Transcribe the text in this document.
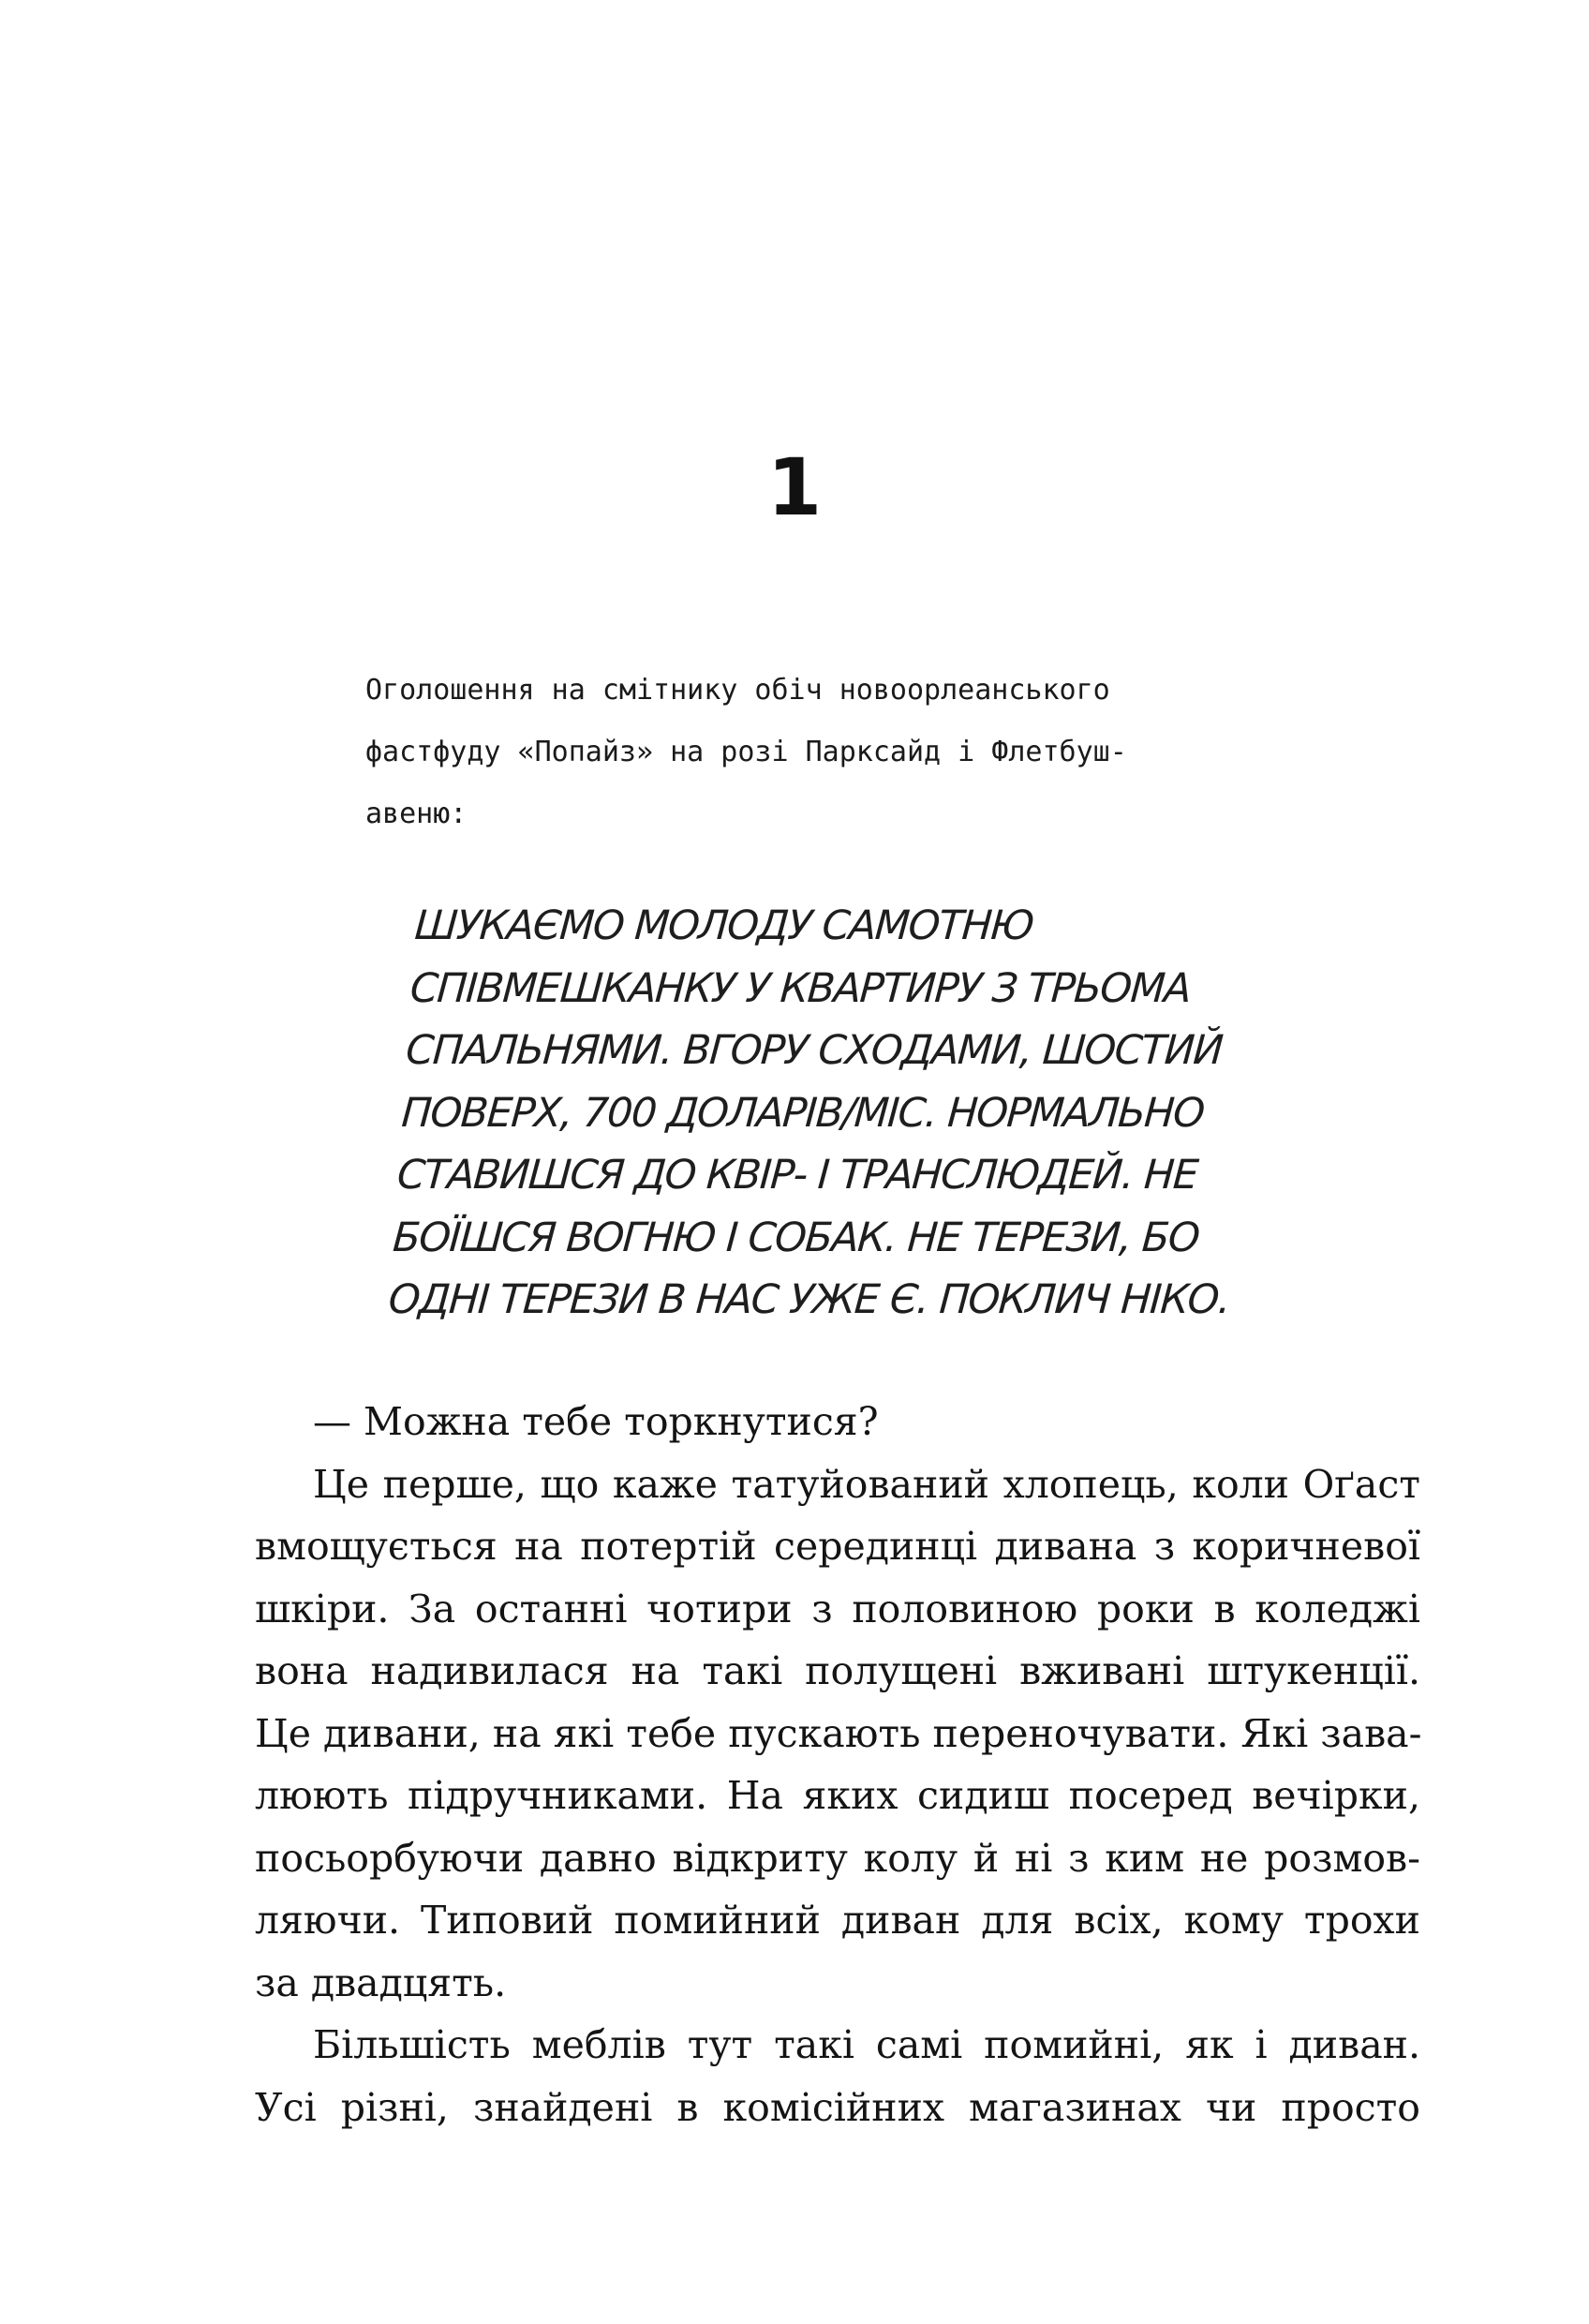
1
Оголошення на смітнику обіч новоорлеанського
фастфуду «Попайз» на розі Парксайд і Флетбуш-
авеню:
ШУКАЄМО МОЛОДУ САМОТНЮ
СПІВМЕШКАНКУ У КВАРТИРУ З ТРЬОМА
СПАЛЬНЯМИ. ВГОРУ СХОДАМИ, ШОСТИЙ
ПОВЕРХ, 700 ДОЛАРІВ/МІС. НОРМАЛЬНО
СТАВИШСЯ ДО КВІР- І ТРАНСЛЮДЕЙ. НЕ
БОЇШСЯ ВОГНЮ І СОБАК. НЕ ТЕРЕЗИ, БО
ОДНІ ТЕРЕЗИ В НАС УЖЕ Є. ПОКЛИЧ НІКО.
— Можна тебе торкнутися?
Це перше, що каже татуйований хлопець, коли Оґаст
вмощується на потертій серединці дивана з коричневої
шкіри. За останні чотири з половиною роки в коледжі
вона надивилася на такі полущені вживані штукенції.
Це дивани, на які тебе пускають переночувати. Які зава-
люють підручниками. На яких сидиш посеред вечірки,
посьорбуючи давно відкриту колу й ні з ким не розмов-
ляючи. Типовий помийний диван для всіх, кому трохи
за двадцять.
Більшість меблів тут такі самі помийні, як і диван.
Усі різні, знайдені в комісійних магазинах чи просто
